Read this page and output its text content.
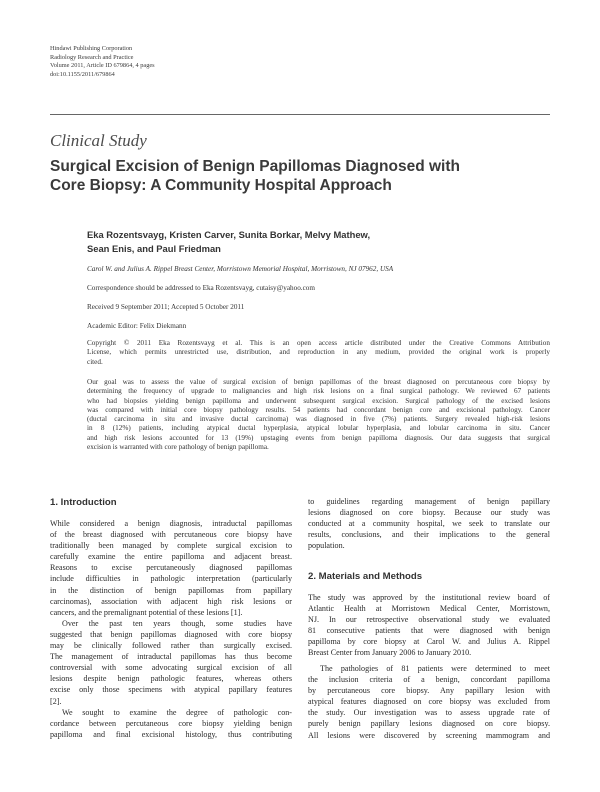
Hindawi Publishing Corporation
Radiology Research and Practice
Volume 2011, Article ID 679864, 4 pages
doi:10.1155/2011/679864
Clinical Study
Surgical Excision of Benign Papillomas Diagnosed with
Core Biopsy: A Community Hospital Approach
Eka Rozentsvayg, Kristen Carver, Sunita Borkar, Melvy Mathew,
Sean Enis, and Paul Friedman
Carol W. and Julius A. Rippel Breast Center, Morristown Memorial Hospital, Morristown, NJ 07962, USA
Correspondence should be addressed to Eka Rozentsvayg, cutaisy@yahoo.com
Received 9 September 2011; Accepted 5 October 2011
Academic Editor: Felix Diekmann
Copyright © 2011 Eka Rozentsvayg et al. This is an open access article distributed under the Creative Commons Attribution
License, which permits unrestricted use, distribution, and reproduction in any medium, provided the original work is properly
cited.
Our goal was to assess the value of surgical excision of benign papillomas of the breast diagnosed on percutaneous core biopsy by
determining the frequency of upgrade to malignancies and high risk lesions on a final surgical pathology. We reviewed 67 patients
who had biopsies yielding benign papilloma and underwent subsequent surgical excision. Surgical pathology of the excised lesions
was compared with initial core biopsy pathology results. 54 patients had concordant benign core and excisional pathology. Cancer
(ductal carcinoma in situ and invasive ductal carcinoma) was diagnosed in five (7%) patients. Surgery revealed high-risk lesions
in 8 (12%) patients, including atypical ductal hyperplasia, atypical lobular hyperplasia, and lobular carcinoma in situ. Cancer
and high risk lesions accounted for 13 (19%) upstaging events from benign papilloma diagnosis. Our data suggests that surgical
excision is warranted with core pathology of benign papilloma.
1. Introduction
While considered a benign diagnosis, intraductal papillomas
of the breast diagnosed with percutaneous core biopsy have
traditionally been managed by complete surgical excision to
carefully examine the entire papilloma and adjacent breast.
Reasons to excise percutaneously diagnosed papillomas
include difficulties in pathologic interpretation (particularly
in the distinction of benign papillomas from papillary
carcinomas), association with adjacent high risk lesions or
cancers, and the premalignant potential of these lesions [1].
Over the past ten years though, some studies have
suggested that benign papillomas diagnosed with core biopsy
may be clinically followed rather than surgically excised.
The management of intraductal papillomas has thus become
controversial with some advocating surgical excision of all
lesions despite benign pathologic features, whereas others
excise only those specimens with atypical papillary features
[2].
We sought to examine the degree of pathologic con-
cordance between percutaneous core biopsy yielding benign
papilloma and final excisional histology, thus contributing
to guidelines regarding management of benign papillary
lesions diagnosed on core biopsy. Because our study was
conducted at a community hospital, we seek to translate our
results, conclusions, and their implications to the general
population.
2. Materials and Methods
The study was approved by the institutional review board of
Atlantic Health at Morristown Medical Center, Morristown,
NJ. In our retrospective observational study we evaluated
81 consecutive patients that were diagnosed with benign
papilloma by core biopsy at Carol W. and Julius A. Rippel
Breast Center from January 2006 to January 2010.
The pathologies of 81 patients were determined to meet
the inclusion criteria of a benign, concordant papilloma
by percutaneous core biopsy. Any papillary lesion with
atypical features diagnosed on core biopsy was excluded from
the study. Our investigation was to assess upgrade rate of
purely benign papillary lesions diagnosed on core biopsy.
All lesions were discovered by screening mammogram and
